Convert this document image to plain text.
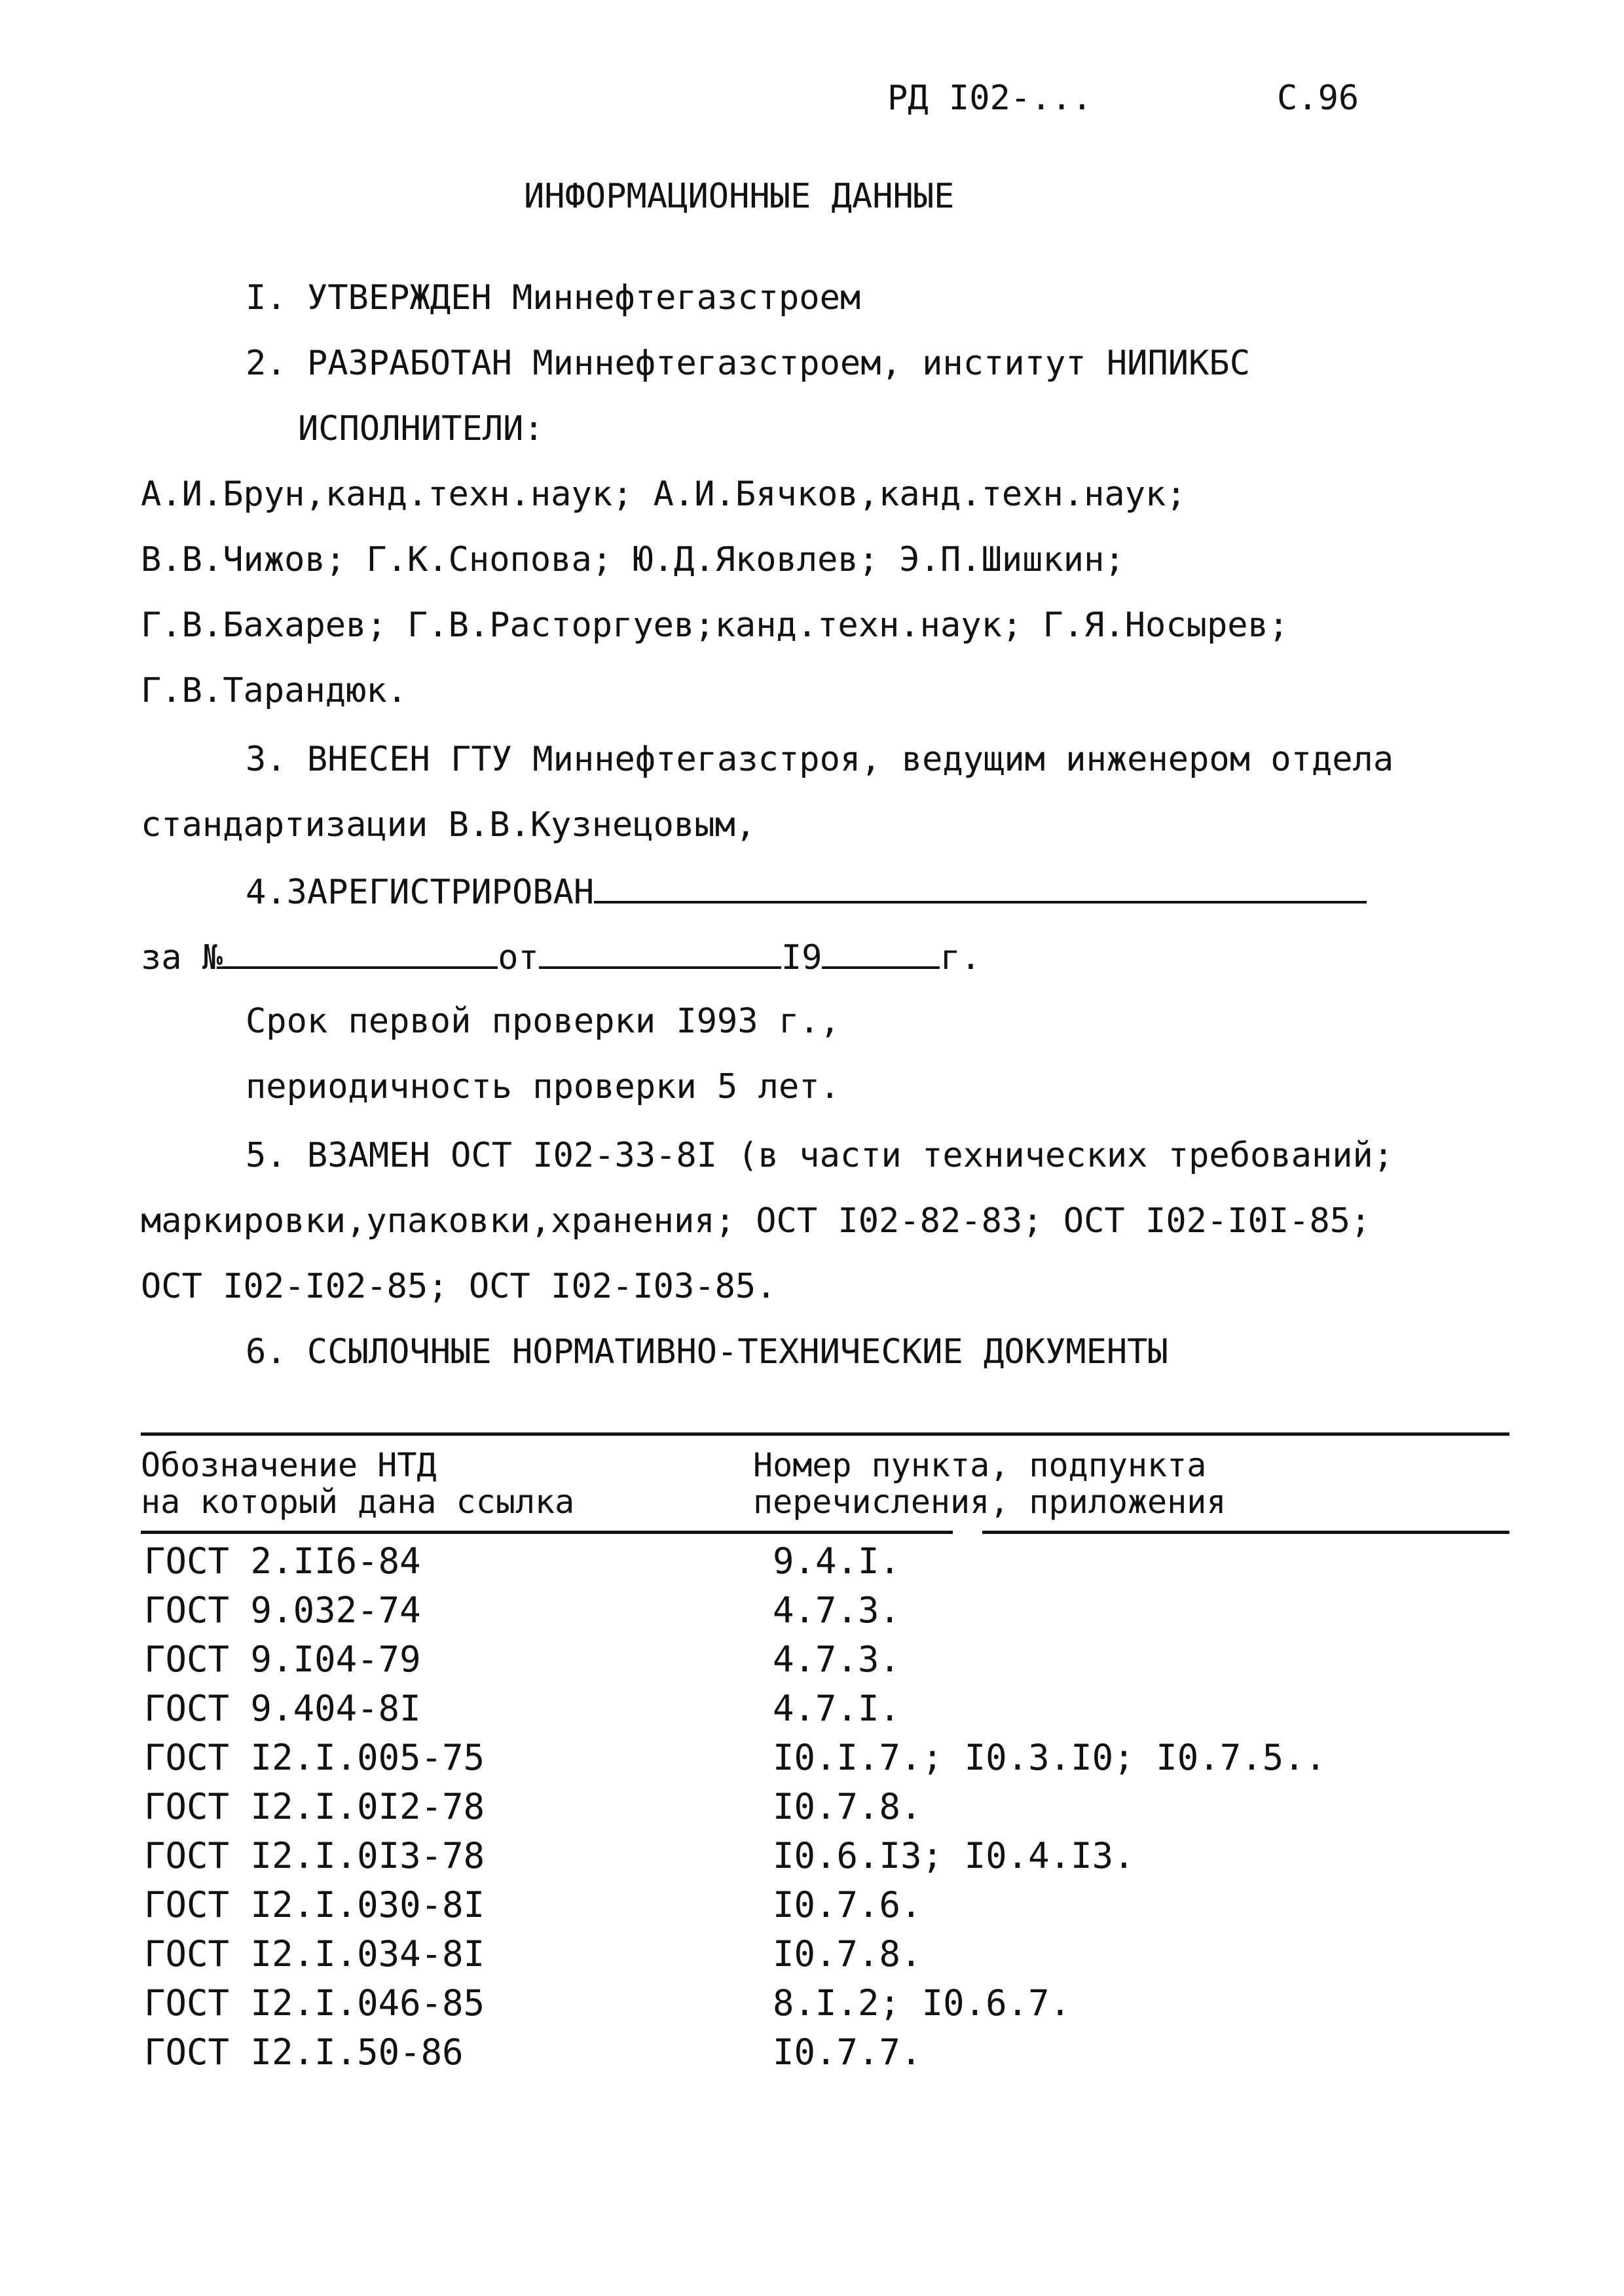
РД I02-...	С.96
ИНФОРМАЦИОННЫЕ ДАННЫЕ
I. УТВЕРЖДЕН Миннефтегазстроем
2. РАЗРАБОТАН Миннефтегазстроем, институт НИПИКБС
ИСПОЛНИТЕЛИ:
А.И.Брун,канд.техн.наук; А.И.Бячков,канд.техн.наук;
В.В.Чижов; Г.К.Снопова; Ю.Д.Яковлев; Э.П.Шишкин;
Г.В.Бахарев; Г.В.Расторгуев;канд.техн.наук; Г.Я.Носырев;
Г.В.Тарандюк.
3. ВНЕСЕН ГТУ Миннефтегазстроя, ведущим инженером отдела
стандартизации В.В.Кузнецовым,
4.ЗАРЕГИСТРИРОВАН
за №	от	I9	г.
Срок первой проверки I993 г.,
периодичность проверки 5 лет.
5. ВЗАМЕН ОСТ I02-33-8I (в части технических требований;
маркировки,упаковки,хранения; ОСТ I02-82-83; ОСТ I02-I0I-85;
ОСТ I02-I02-85; ОСТ I02-I03-85.
6. ССЫЛОЧНЫЕ НОРМАТИВНО-ТЕХНИЧЕСКИЕ ДОКУМЕНТЫ
Обозначение НТД
на который дана ссылка
Номер пункта, подпункта
перечисления, приложения
ГОСТ 2.II6-84	9.4.I.
ГОСТ 9.032-74	4.7.3.
ГОСТ 9.I04-79	4.7.3.
ГОСТ 9.404-8I	4.7.I.
ГОСТ I2.I.005-75	I0.I.7.; I0.3.I0; I0.7.5..
ГОСТ I2.I.0I2-78	I0.7.8.
ГОСТ I2.I.0I3-78	I0.6.I3; I0.4.I3.
ГОСТ I2.I.030-8I	I0.7.6.
ГОСТ I2.I.034-8I	I0.7.8.
ГОСТ I2.I.046-85	8.I.2; I0.6.7.
ГОСТ I2.I.50-86	I0.7.7.
